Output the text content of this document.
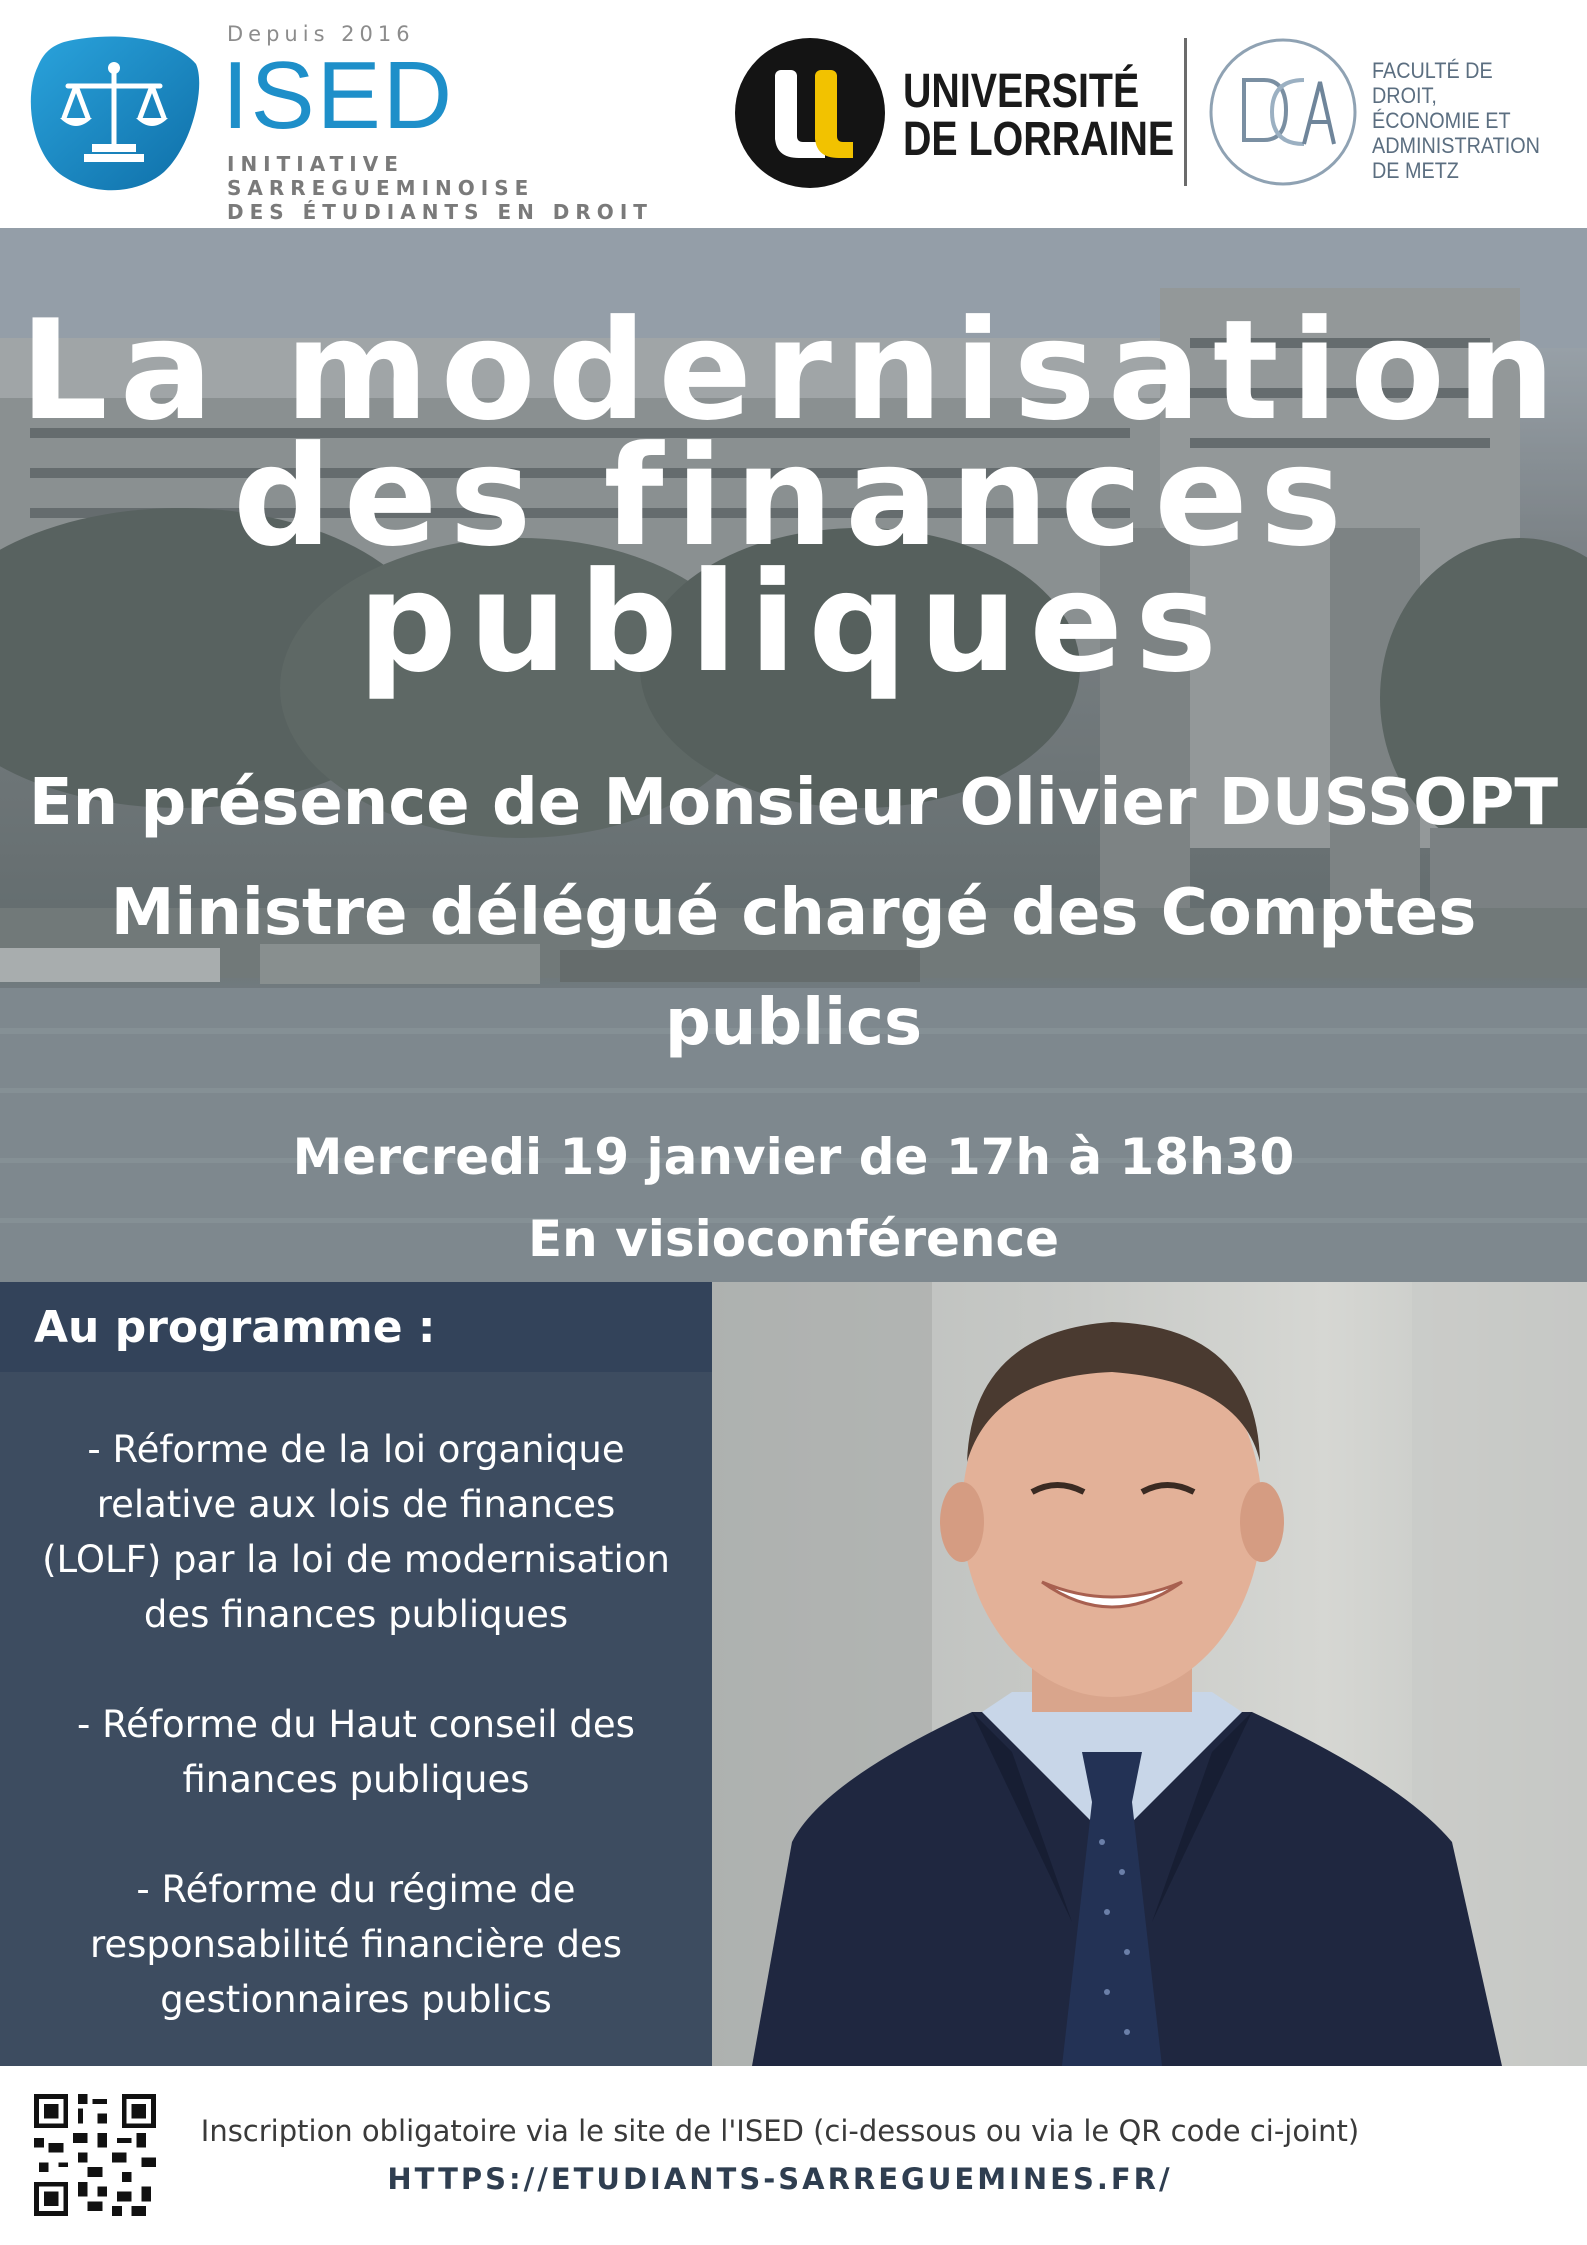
Depuis 2016
ISED
INITIATIVE SARREGUEMINOISE
DES ÉTUDIANTS EN DROIT
UNIVERSITÉ
DE LORRAINE
FACULTÉ DE DROIT,
ÉCONOMIE ET
ADMINISTRATION
DE METZ
La modernisation
des finances
publiques
En présence de Monsieur Olivier DUSSOPT
Ministre délégué chargé des Comptes
publics
Mercredi 19 janvier de 17h à 18h30
En visioconférence
Au programme :
- Réforme de la loi organique
relative aux lois de finances
(LOLF) par la loi de modernisation
des finances publiques
- Réforme du Haut conseil des
finances publiques
- Réforme du régime de
responsabilité financière des
gestionnaires publics
Inscription obligatoire via le site de l'ISED (ci-dessous ou via le QR code ci-joint)
HTTPS://ETUDIANTS-SARREGUEMINES.FR/
